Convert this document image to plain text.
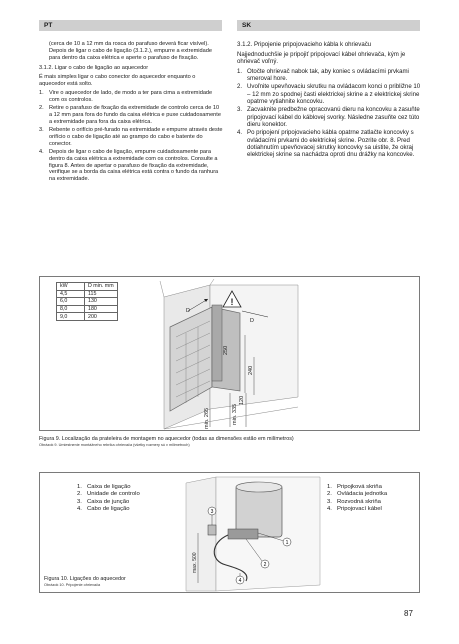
PT	SK

(cerca de 10 a 12 mm da rosca do parafuso deverá ficar visível). Depois de ligar o cabo de ligação (3.1.2.), empurre a extremidade para dentro da caixa elétrica e aperte o parafuso de fixação.

3.1.2. Ligar o cabo de ligação ao aquecedor

É mais simples ligar o cabo conector do aquecedor enquanto o aquecedor está solto.

1. Vire o aquecedor de lado, de modo a ter para cima a extremidade com os controlos.
2. Retire o parafuso de fixação da extremidade de controlo cerca de 10 a 12 mm para fora do fundo da caixa elétrica e puxe cuidadosamente a extremidade para fora da caixa elétrica.
3. Rebente o orifício pré-furado na extremidade e empurre através deste orifício o cabo de ligação até ao grampo do cabo e batente do conector.
4. Depois de ligar o cabo de ligação, empurre cuidadosamente para dentro da caixa elétrica a extremidade com os controlos. Consulte a figura 8. Antes de apertar o parafuso de fixação da extremidade, verifique se a borda da caixa elétrica está contra o fundo da ranhura na extremidade.

3.1.2. Pripojenie pripojovacieho kábla k ohrievaču

Najjednoduchšie je pripojiť pripojovací kábel ohrievača, kým je ohrievač voľný.

1. Otočte ohrievač nabok tak, aby koniec s ovládacími prvkami smeroval hore.
2. Uvoľnite upevňovaciu skrutku na ovládacom konci o približne 10 – 12 mm zo spodnej časti elektrickej skrine a z elektrickej skrine opatrne vytiahnite koncovku.
3. Zacvaknite predbežne opracovanú dieru na koncovku a zasuňte pripojovací kábel do káblovej svorky. Následne zasuňte cez túto dieru konektor.
4. Po pripojení pripojovacieho kábla opatrne zatlačte koncovky s ovládacími prvkami do elektrickej skrine. Pozrite obr. 8. Pred dotiahnutím upevňovacej skrutky koncovky sa uistite, že okraj elektrickej skrine sa nachádza oproti dnu drážky na koncovke.
kW	D min. mm
4,5	115
6,0	130
8,0	180
9,0	200
!
D
D
250
240
120
min. 335
min. 265
Figura 9. Localização da prateleira de montagem no aquecedor (todas as dimensões estão em milímetros)
Obrázok 9. Umiestnenie montážneho rebríka ohrievača (všetky rozmery sú v milimetroch)
1. Caixa de ligação
2. Unidade de controlo
3. Caixa de junção
4. Cabo de ligação
1. Pripojková skriňa
2. Ovládacia jednotka
3. Rozvodná skriňa
4. Pripojovací kábel
max. 500
1
2
3
4
Figura 10. Ligações do aquecedor
Obrázok 10. Pripojenie ohrievača
87
